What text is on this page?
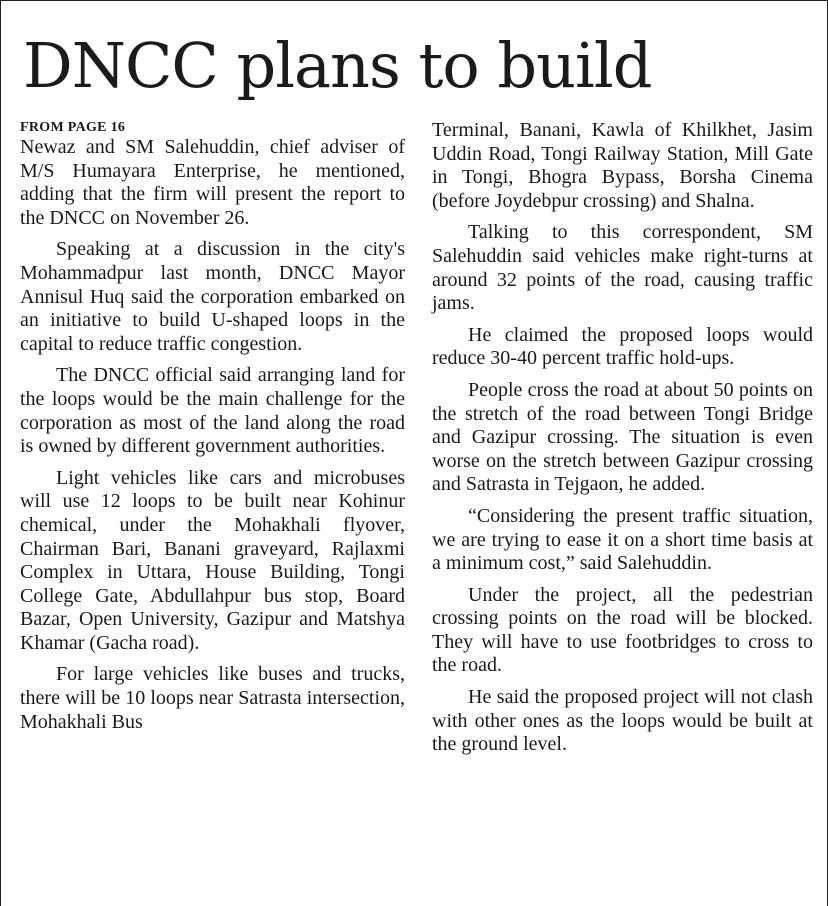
DNCC plans to build
FROM PAGE 16

Newaz and SM Salehuddin, chief adviser of M/S Humayara Enterprise, he mentioned, adding that the firm will present the report to the DNCC on November 26.

Speaking at a discussion in the city's Mohammadpur last month, DNCC Mayor Annisul Huq said the corporation embarked on an initiative to build U-shaped loops in the capital to reduce traffic congestion.

The DNCC official said arranging land for the loops would be the main challenge for the corporation as most of the land along the road is owned by different government authorities.

Light vehicles like cars and microbuses will use 12 loops to be built near Kohinur chemical, under the Mohakhali flyover, Chairman Bari, Banani graveyard, Rajlaxmi Complex in Uttara, House Building, Tongi College Gate, Abdullahpur bus stop, Board Bazar, Open University, Gazipur and Matshya Khamar (Gacha road).

For large vehicles like buses and trucks, there will be 10 loops near Satrasta intersection, Mohakhali Bus

Terminal, Banani, Kawla of Khilkhet, Jasim Uddin Road, Tongi Railway Station, Mill Gate in Tongi, Bhogra Bypass, Borsha Cinema (before Joydebpur crossing) and Shalna.

Talking to this correspondent, SM Salehuddin said vehicles make right-turns at around 32 points of the road, causing traffic jams.

He claimed the proposed loops would reduce 30-40 percent traffic hold-ups.

People cross the road at about 50 points on the stretch of the road between Tongi Bridge and Gazipur crossing. The situation is even worse on the stretch between Gazipur crossing and Satrasta in Tejgaon, he added.

“Considering the present traffic situation, we are trying to ease it on a short time basis at a minimum cost,” said Salehuddin.

Under the project, all the pedestrian crossing points on the road will be blocked. They will have to use footbridges to cross to the road.

He said the proposed project will not clash with other ones as the loops would be built at the ground level.
